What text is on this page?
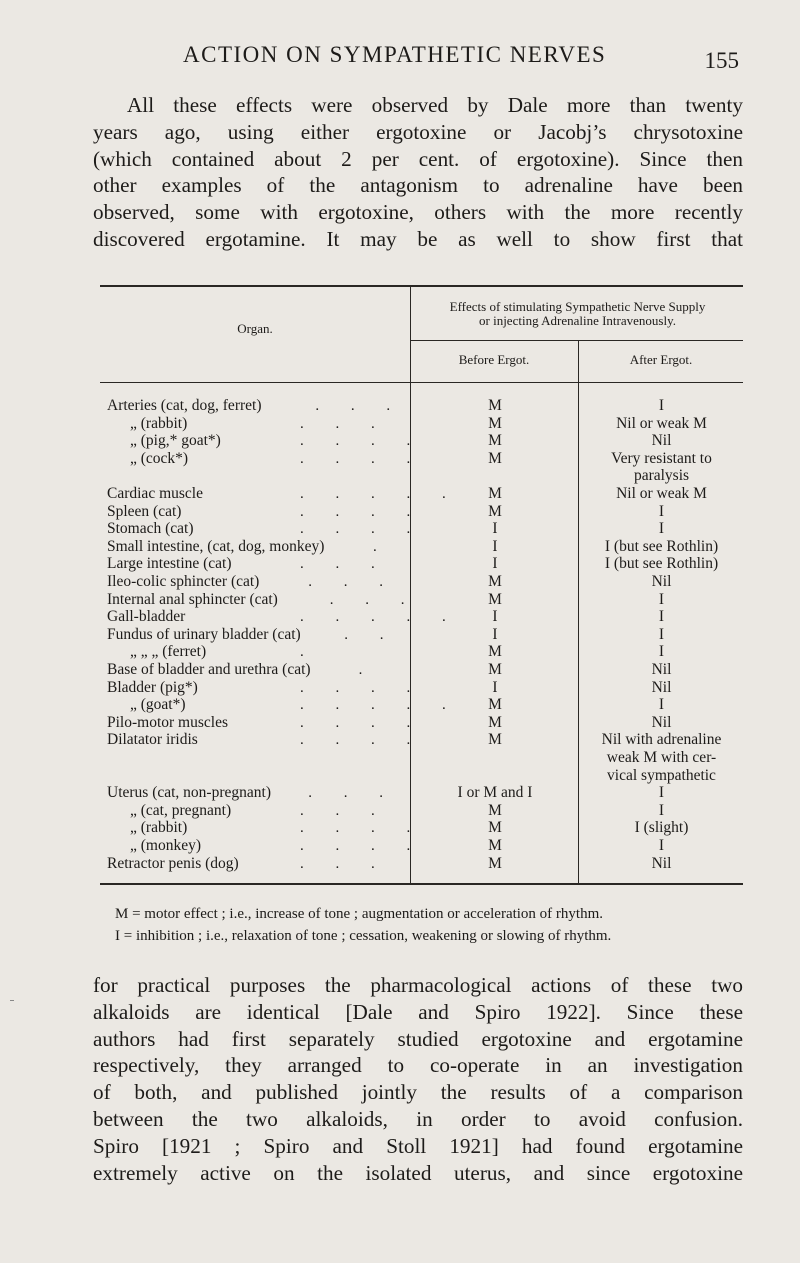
ACTION ON SYMPATHETIC NERVES	155

All these effects were observed by Dale more than twenty
years ago, using either ergotoxine or Jacobj’s chrysotoxine
(which contained about 2 per cent. of ergotoxine). Since then
other examples of the antagonism to adrenaline have been
observed, some with ergotoxine, others with the more recently
discovered ergotamine. It may be as well to show first that

Organ.
Effects of stimulating Sympathetic Nerve Supply
or injecting Adrenaline Intravenously.
Before Ergot.	After Ergot.
Arteries (cat, dog, ferret)	. . .	M	I
„ (rabbit)	. . .	M	Nil or weak M
„ (pig,* goat*)	. . . .	M	Nil
„ (cock*)	. . . .	M	Very resistant to
paralysis
Cardiac muscle	. . . . .	M	Nil or weak M
Spleen (cat)	. . . .	M	I
Stomach (cat)	. . . .	I	I
Small intestine, (cat, dog, monkey)	.	I	I (but see Rothlin)
Large intestine (cat)	. . .	I	I (but see Rothlin)
Ileo-colic sphincter (cat)	. . .	M	Nil
Internal anal sphincter (cat)	. . .	M	I
Gall-bladder	. . . . .	I	I
Fundus of urinary bladder (cat)	. .	I	I
„ „ „ (ferret)	.	M	I
Base of bladder and urethra (cat)	.	M	Nil
Bladder (pig*)	. . . .	I	Nil
„ (goat*)	. . . . .	M	I
Pilo-motor muscles	. . . .	M	Nil
Dilatator iridis	. . . .	M	Nil with adrenaline
weak M with cer-
vical sympathetic
Uterus (cat, non-pregnant) . . .	I or M and I	I
„ (cat, pregnant)	. . .	M	I
„ (rabbit)	. . . .	M	I (slight)
„ (monkey)	. . . .	M	I
Retractor penis (dog)	. . .	M	Nil
M = motor effect ; i.e., increase of tone ; augmentation or acceleration of rhythm.
I = inhibition ; i.e., relaxation of tone ; cessation, weakening or slowing of rhythm.

for practical purposes the pharmacological actions of these two
alkaloids are identical [Dale and Spiro 1922]. Since these
authors had first separately studied ergotoxine and ergotamine
respectively, they arranged to co-operate in an investigation
of both, and published jointly the results of a comparison
between the two alkaloids, in order to avoid confusion.
Spiro [1921 ; Spiro and Stoll 1921] had found ergotamine
extremely active on the isolated uterus, and since ergotoxine
